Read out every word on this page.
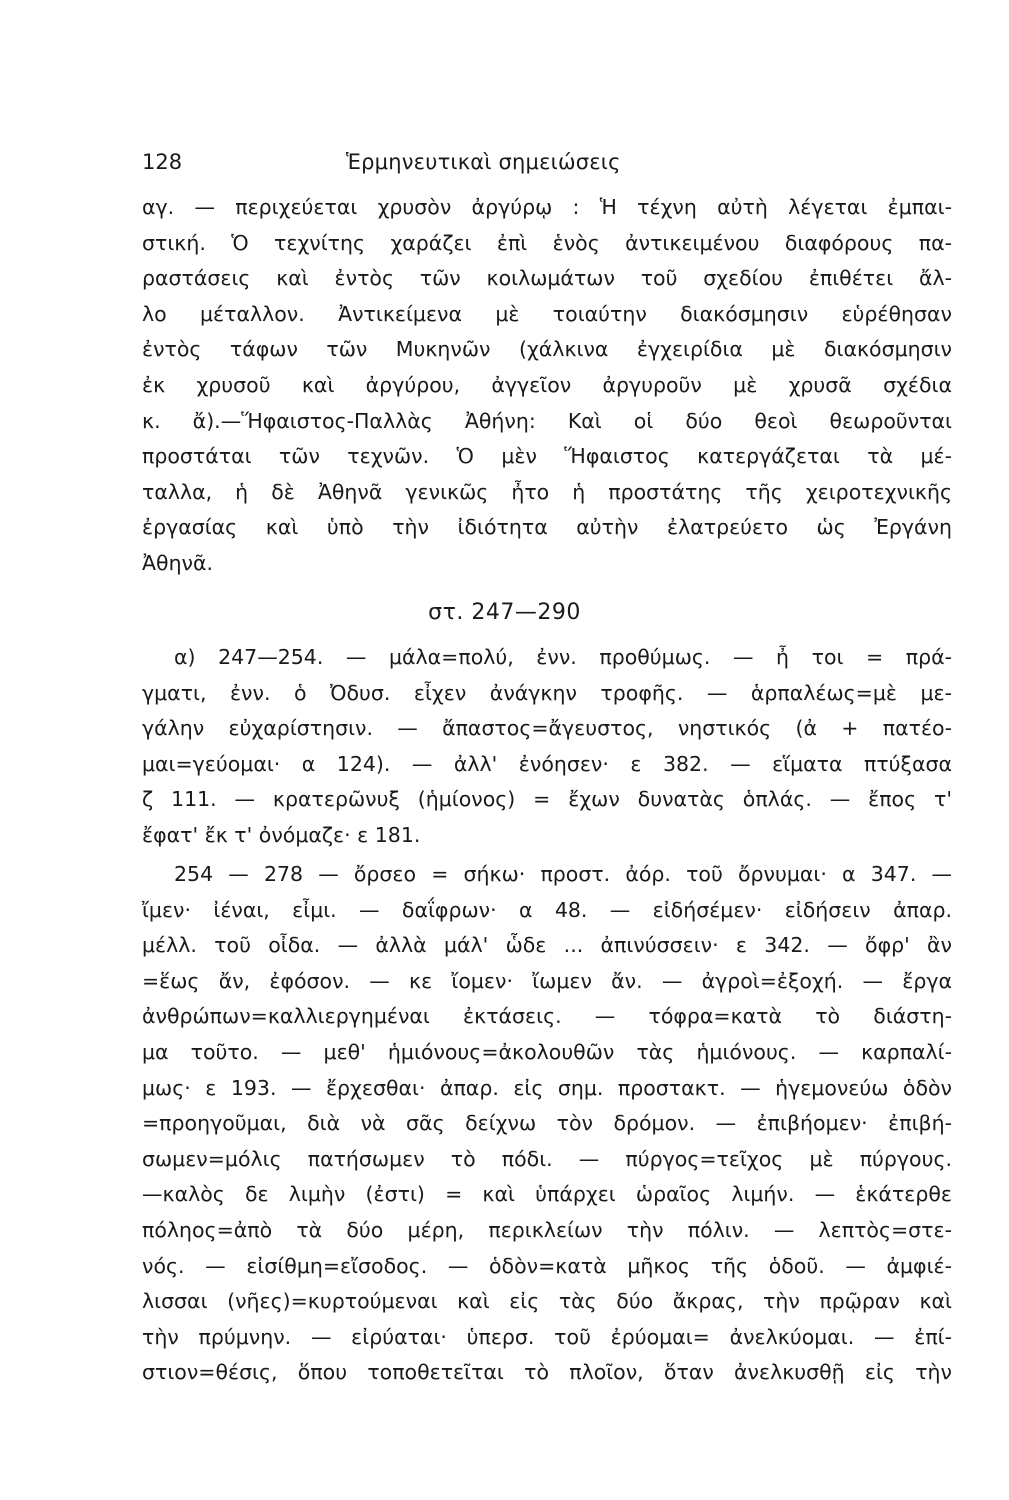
128	Ἑρμηνευτικαὶ σημειώσεις
αγ. — περιχεύεται χρυσὸν ἀργύρῳ : Ἡ τέχνη αὐτὴ λέγεται ἐμπαι-
στική. Ὁ τεχνίτης χαράζει ἐπὶ ἑνὸς ἀντικειμένου διαφόρους πα-
ραστάσεις καὶ ἐντὸς τῶν κοιλωμάτων τοῦ σχεδίου ἐπιθέτει ἄλ-
λο μέταλλον. Ἀντικείμενα μὲ τοιαύτην διακόσμησιν εὑρέθησαν
ἐντὸς τάφων τῶν Μυκηνῶν (χάλκινα ἐγχειρίδια μὲ διακόσμησιν
ἐκ χρυσοῦ καὶ ἀργύρου, ἀγγεῖον ἀργυροῦν μὲ χρυσᾶ σχέδια
κ. ἄ).—Ἥφαιστος-Παλλὰς Ἀθήνη: Καὶ οἱ δύο θεοὶ θεωροῦνται
προστάται τῶν τεχνῶν. Ὁ μὲν Ἥφαιστος κατεργάζεται τὰ μέ-
ταλλα, ἡ δὲ Ἀθηνᾶ γενικῶς ἦτο ἡ προστάτης τῆς χειροτεχνικῆς
ἐργασίας καὶ ὑπὸ τὴν ἰδιότητα αὐτὴν ἐλατρεύετο ὡς Ἐργάνη
Ἀθηνᾶ.
στ. 247—290
α) 247—254. — μάλα=πολύ, ἐνν. προθύμως. — ἦ τοι = πρά-
γματι, ἐνν. ὁ Ὀδυσ. εἶχεν ἀνάγκην τροφῆς. — ἁρπαλέως=μὲ με-
γάλην εὐχαρίστησιν. — ἄπαστος=ἄγευστος, νηστικός (ἀ + πατέο-
μαι=γεύομαι· α 124). — ἀλλ' ἐνόησεν· ε 382. — εἵματα πτύξασα
ζ 111. — κρατερῶνυξ (ἡμίονος) = ἔχων δυνατὰς ὁπλάς. — ἔπος τ'
ἔφατ' ἔκ τ' ὀνόμαζε· ε 181.
254 — 278 — ὄρσεο = σήκω· προστ. ἀόρ. τοῦ ὄρνυμαι· α 347. —
ἴμεν· ἰέναι, εἶμι. — δαΐφρων· α 48. — εἰδήσέμεν· εἰδήσειν ἀπαρ.
μέλλ. τοῦ οἶδα. — ἀλλὰ μάλ' ὧδε ... ἀπινύσσειν· ε 342. — ὄφρ' ἂν
=ἕως ἄν, ἐφόσον. — κε ἴομεν· ἴωμεν ἄν. — ἀγροὶ=ἐξοχή. — ἔργα
ἀνθρώπων=καλλιεργημέναι ἐκτάσεις. — τόφρα=κατὰ τὸ διάστη-
μα τοῦτο. — μεθ' ἡμιόνους=ἀκολουθῶν τὰς ἡμιόνους. — καρπαλί-
μως· ε 193. — ἔρχεσθαι· ἀπαρ. εἰς σημ. προστακτ. — ἡγεμονεύω ὁδὸν
=προηγοῦμαι, διὰ νὰ σᾶς δείχνω τὸν δρόμον. — ἐπιβήομεν· ἐπιβή-
σωμεν=μόλις πατήσωμεν τὸ πόδι. — πύργος=τεῖχος μὲ πύργους.
—καλὸς δε λιμὴν (ἐστι) = καὶ ὑπάρχει ὡραῖος λιμήν. — ἑκάτερθε
πόληος=ἀπὸ τὰ δύο μέρη, περικλείων τὴν πόλιν. — λεπτὸς=στε-
νός. — εἰσίθμη=εἴσοδος. — ὁδὸν=κατὰ μῆκος τῆς ὁδοῦ. — ἀμφιέ-
λισσαι (νῆες)=κυρτούμεναι καὶ εἰς τὰς δύο ἄκρας, τὴν πρῷραν καὶ
τὴν πρύμνην. — εἰρύαται· ὑπερσ. τοῦ ἐρύομαι= ἀνελκύομαι. — ἐπί-
στιον=θέσις, ὅπου τοποθετεῖται τὸ πλοῖον, ὅταν ἀνελκυσθῇ εἰς τὴν
